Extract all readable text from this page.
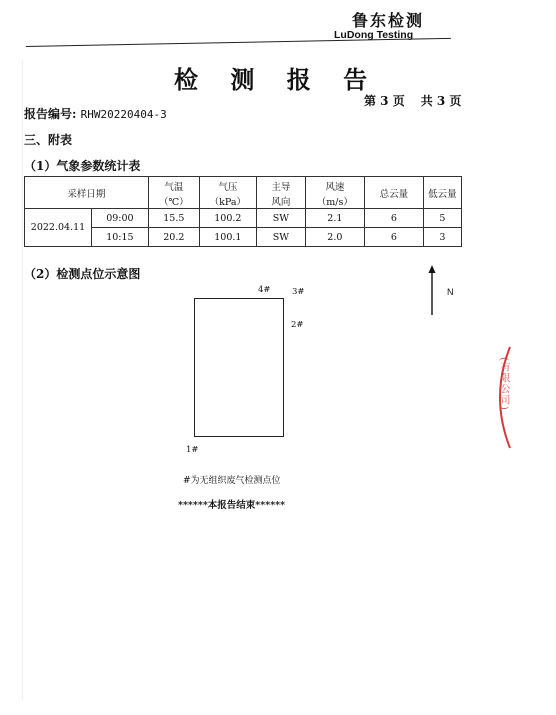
鲁东检测
LuDong Testing
检 测 报 告
第 3 页 共 3 页
报告编号: RHW20220404-3
三、附表
（1）气象参数统计表
采样日期		气温	气压	主导	风速	总云量	低云量
		（℃）	（kPa）	风向	（m/s）		
2022.04.11	09:00	15.5	100.2	SW	2.1	6	5
	10:15	20.2	100.1	SW	2.0	6	3
（2）检测点位示意图
4#	3#
2#
1#
N
#为无组织废气检测点位
******本报告结束******
(有限公司)
